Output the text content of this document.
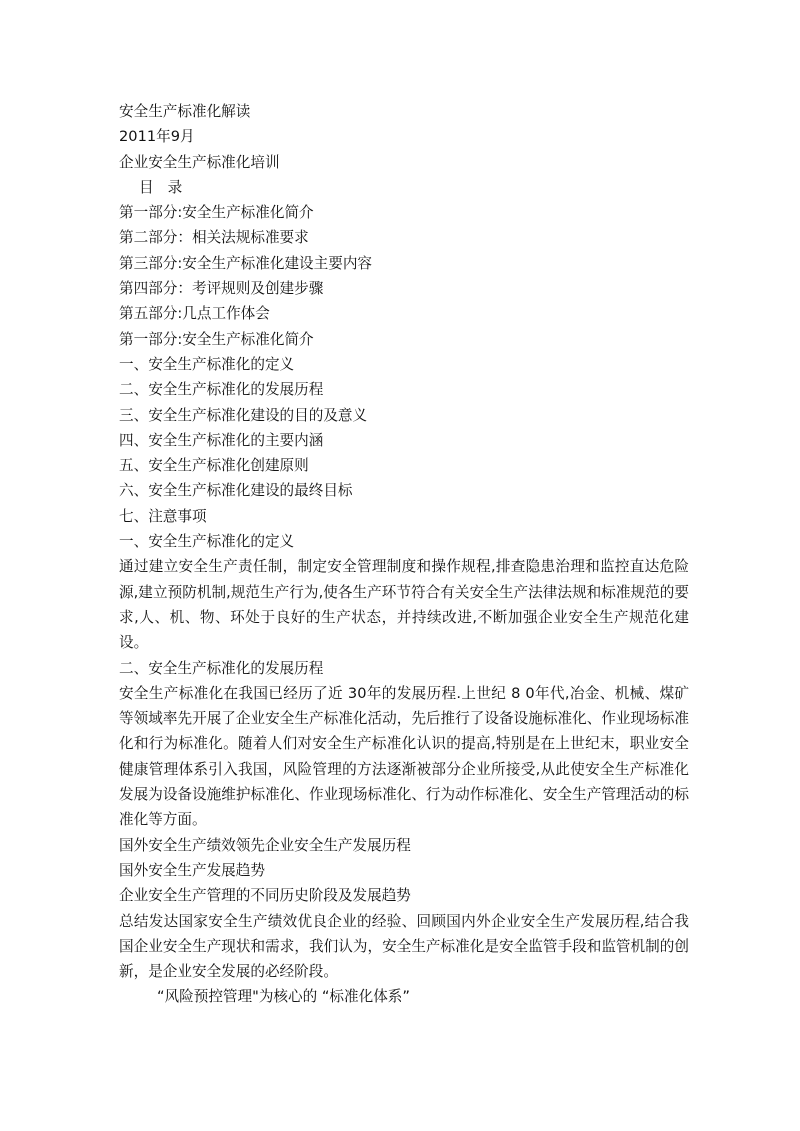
安全生产标准化解读

2011年9月

企业安全生产标准化培训

目录

第一部分:安全生产标准化简介

第二部分：相关法规标准要求

第三部分:安全生产标准化建设主要内容

第四部分：考评规则及创建步骤

第五部分:几点工作体会

第一部分:安全生产标准化简介

一、安全生产标准化的定义

二、安全生产标准化的发展历程

三、安全生产标准化建设的目的及意义

四、安全生产标准化的主要内涵

五、安全生产标准化创建原则

六、安全生产标准化建设的最终目标

七、注意事项

一、安全生产标准化的定义

通过建立安全生产责任制，制定安全管理制度和操作规程,排查隐患治理和监控直达危险源,建立预防机制,规范生产行为,使各生产环节符合有关安全生产法律法规和标准规范的要求,人、机、物、环处于良好的生产状态，并持续改进,不断加强企业安全生产规范化建设。

二、安全生产标准化的发展历程

安全生产标准化在我国已经历了近 30年的发展历程.上世纪 8 0年代,冶金、机械、煤矿等领域率先开展了企业安全生产标准化活动，先后推行了设备设施标准化、作业现场标准化和行为标准化。随着人们对安全生产标准化认识的提高,特别是在上世纪末，职业安全健康管理体系引入我国，风险管理的方法逐渐被部分企业所接受,从此使安全生产标准化发展为设备设施维护标准化、作业现场标准化、行为动作标准化、安全生产管理活动的标准化等方面。

国外安全生产绩效领先企业安全生产发展历程

国外安全生产发展趋势

企业安全生产管理的不同历史阶段及发展趋势

总结发达国家安全生产绩效优良企业的经验、回顾国内外企业安全生产发展历程,结合我国企业安全生产现状和需求，我们认为，安全生产标准化是安全监管手段和监管机制的创新，是企业安全发展的必经阶段。

“风险预控管理"为核心的 “标准化体系”
